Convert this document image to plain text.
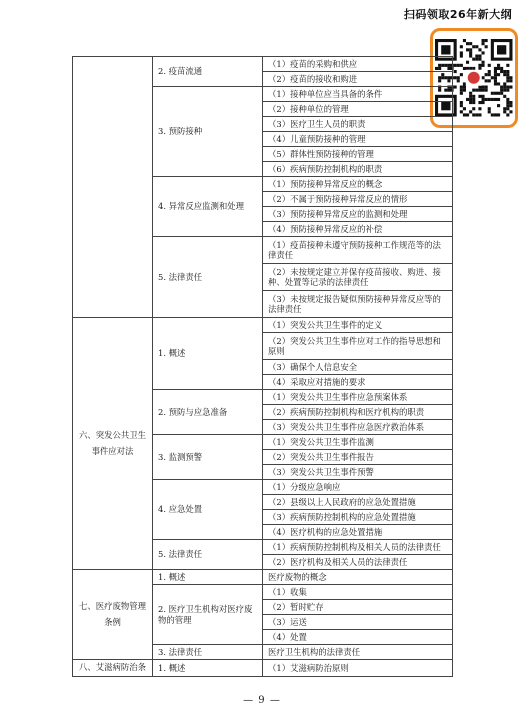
扫码领取26年新大纲
	2. 疫苗流通	（1）疫苗的采购和供应
		（2）疫苗的接收和购进
	3. 预防接种	（1）接种单位应当具备的条件
		（2）接种单位的管理
		（3）医疗卫生人员的职责
		（4）儿童预防接种的管理
		（5）群体性预防接种的管理
		（6）疾病预防控制机构的职责
	4. 异常反应监测和处理	（1）预防接种异常反应的概念
		（2）不属于预防接种异常反应的情形
		（3）预防接种异常反应的监测和处理
		（4）预防接种异常反应的补偿
	5. 法律责任	（1）疫苗接种未遵守预防接种工作规范等的法律责任
		（2）未按规定建立并保存疫苗接收、购进、接种、处置等记录的法律责任
		（3）未按规定报告疑似预防接种异常反应等的法律责任
六、突发公共卫生事件应对法	1. 概述	（1）突发公共卫生事件的定义
		（2）突发公共卫生事件应对工作的指导思想和原则
		（3）确保个人信息安全
		（4）采取应对措施的要求
	2. 预防与应急准备	（1）突发公共卫生事件应急预案体系
		（2）疾病预防控制机构和医疗机构的职责
		（3）突发公共卫生事件应急医疗救治体系
	3. 监测预警	（1）突发公共卫生事件监测
		（2）突发公共卫生事件报告
		（3）突发公共卫生事件预警
	4. 应急处置	（1）分级应急响应
		（2）县级以上人民政府的应急处置措施
		（3）疾病预防控制机构的应急处置措施
		（4）医疗机构的应急处置措施
	5. 法律责任	（1）疾病预防控制机构及相关人员的法律责任
		（2）医疗机构及相关人员的法律责任
七、医疗废物管理条例	1. 概述	医疗废物的概念
	2. 医疗卫生机构对医疗废物的管理	（1）收集
		（2）暂时贮存
		（3）运送
		（4）处置
	3. 法律责任	医疗卫生机构的法律责任
八、艾滋病防治条	1. 概述	（1）艾滋病防治原则
— 9 —
